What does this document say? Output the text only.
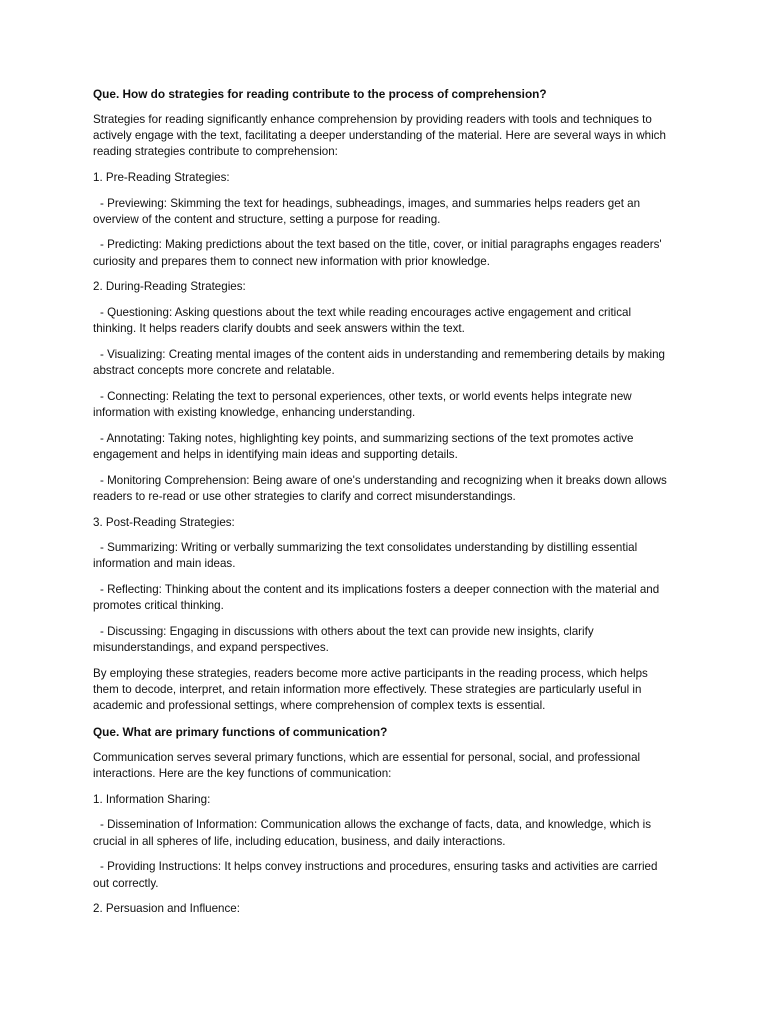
Que. How do strategies for reading contribute to the process of comprehension?

Strategies for reading significantly enhance comprehension by providing readers with tools and techniques to actively engage with the text, facilitating a deeper understanding of the material. Here are several ways in which reading strategies contribute to comprehension:

1. Pre-Reading Strategies:

- Previewing: Skimming the text for headings, subheadings, images, and summaries helps readers get an overview of the content and structure, setting a purpose for reading.

- Predicting: Making predictions about the text based on the title, cover, or initial paragraphs engages readers' curiosity and prepares them to connect new information with prior knowledge.

2. During-Reading Strategies:

- Questioning: Asking questions about the text while reading encourages active engagement and critical thinking. It helps readers clarify doubts and seek answers within the text.

- Visualizing: Creating mental images of the content aids in understanding and remembering details by making abstract concepts more concrete and relatable.

- Connecting: Relating the text to personal experiences, other texts, or world events helps integrate new information with existing knowledge, enhancing understanding.

- Annotating: Taking notes, highlighting key points, and summarizing sections of the text promotes active engagement and helps in identifying main ideas and supporting details.

- Monitoring Comprehension: Being aware of one's understanding and recognizing when it breaks down allows readers to re-read or use other strategies to clarify and correct misunderstandings.

3. Post-Reading Strategies:

- Summarizing: Writing or verbally summarizing the text consolidates understanding by distilling essential information and main ideas.

- Reflecting: Thinking about the content and its implications fosters a deeper connection with the material and promotes critical thinking.

- Discussing: Engaging in discussions with others about the text can provide new insights, clarify misunderstandings, and expand perspectives.

By employing these strategies, readers become more active participants in the reading process, which helps them to decode, interpret, and retain information more effectively. These strategies are particularly useful in academic and professional settings, where comprehension of complex texts is essential.

Que. What are primary functions of communication?

Communication serves several primary functions, which are essential for personal, social, and professional interactions. Here are the key functions of communication:

1. Information Sharing:

- Dissemination of Information: Communication allows the exchange of facts, data, and knowledge, which is crucial in all spheres of life, including education, business, and daily interactions.

- Providing Instructions: It helps convey instructions and procedures, ensuring tasks and activities are carried out correctly.

2. Persuasion and Influence:
